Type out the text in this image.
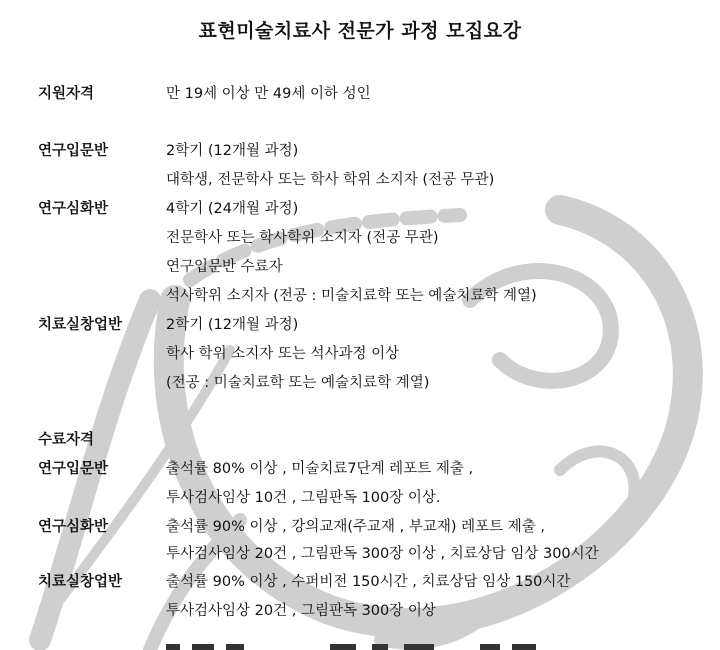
표현미술치료사 전문가 과정 모집요강
지원자격	만 19세 이상 만 49세 이하 성인
연구입문반	2학기 (12개월 과정)
대학생, 전문학사 또는 학사 학위 소지자 (전공 무관)
연구심화반	4학기 (24개월 과정)
전문학사 또는 학사학위 소지자 (전공 무관)
연구입문반 수료자
석사학위 소지자 (전공 : 미술치료학 또는 예술치료학 계열)
치료실창업반	2학기 (12개월 과정)
학사 학위 소지자 또는 석사과정 이상
(전공 : 미술치료학 또는 예술치료학 계열)
수료자격
연구입문반	출석률 80% 이상 , 미술치료7단계 레포트 제출 ,
투사검사임상 10건 , 그림판독 100장 이상.
연구심화반	출석률 90% 이상 , 강의교재(주교재 , 부교재) 레포트 제출 ,
투사검사임상 20건 , 그림판독 300장 이상 , 치료상담 임상 300시간
치료실창업반	출석률 90% 이상 , 수퍼비전 150시간 , 치료상담 임상 150시간
투사검사임상 20건 , 그림판독 300장 이상
